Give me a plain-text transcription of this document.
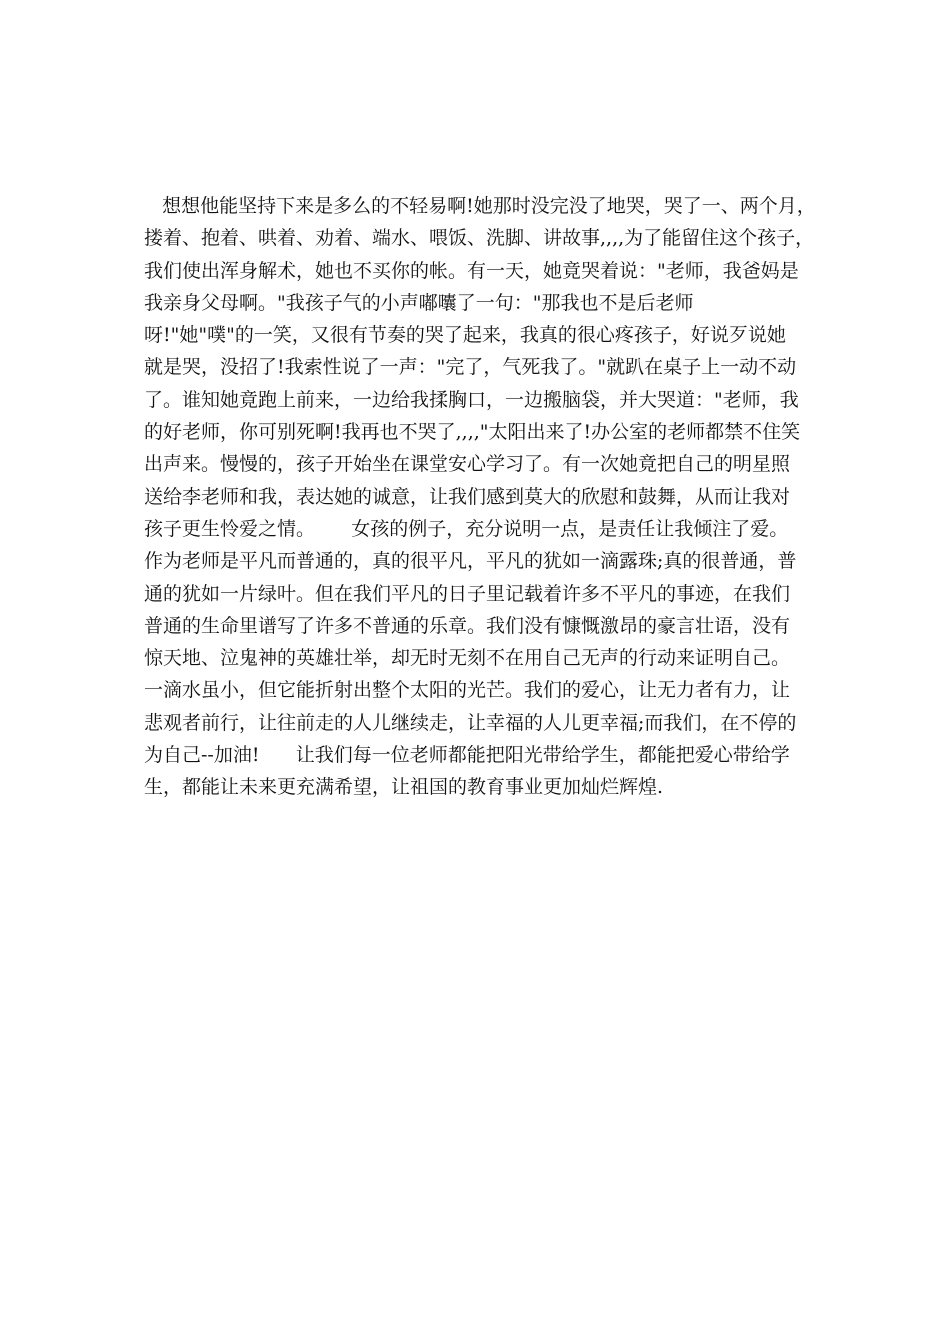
想想他能坚持下来是多么的不轻易啊!她那时没完没了地哭，哭了一、两个月，
搂着、抱着、哄着、劝着、端水、喂饭、洗脚、讲故事,,,,为了能留住这个孩子，
我们使出浑身解术，她也不买你的帐。有一天，她竟哭着说："老师，我爸妈是
我亲身父母啊。"我孩子气的小声嘟囔了一句："那我也不是后老师
呀!"她"噗"的一笑，又很有节奏的哭了起来，我真的很心疼孩子，好说歹说她
就是哭，没招了!我索性说了一声："完了，气死我了。"就趴在桌子上一动不动
了。谁知她竟跑上前来，一边给我揉胸口，一边搬脑袋，并大哭道："老师，我
的好老师，你可别死啊!我再也不哭了,,,,"太阳出来了!办公室的老师都禁不住笑
出声来。慢慢的，孩子开始坐在课堂安心学习了。有一次她竟把自己的明星照
送给李老师和我，表达她的诚意，让我们感到莫大的欣慰和鼓舞，从而让我对
孩子更生怜爱之情。      女孩的例子，充分说明一点，是责任让我倾注了爱。
作为老师是平凡而普通的，真的很平凡，平凡的犹如一滴露珠;真的很普通，普
通的犹如一片绿叶。但在我们平凡的日子里记载着许多不平凡的事迹，在我们
普通的生命里谱写了许多不普通的乐章。我们没有慷慨激昂的豪言壮语，没有
惊天地、泣鬼神的英雄壮举，却无时无刻不在用自己无声的行动来证明自己。
一滴水虽小，但它能折射出整个太阳的光芒。我们的爱心，让无力者有力，让
悲观者前行，让往前走的人儿继续走，让幸福的人儿更幸福;而我们，在不停的
为自己--加油!      让我们每一位老师都能把阳光带给学生，都能把爱心带给学
生，都能让未来更充满希望，让祖国的教育事业更加灿烂辉煌.
